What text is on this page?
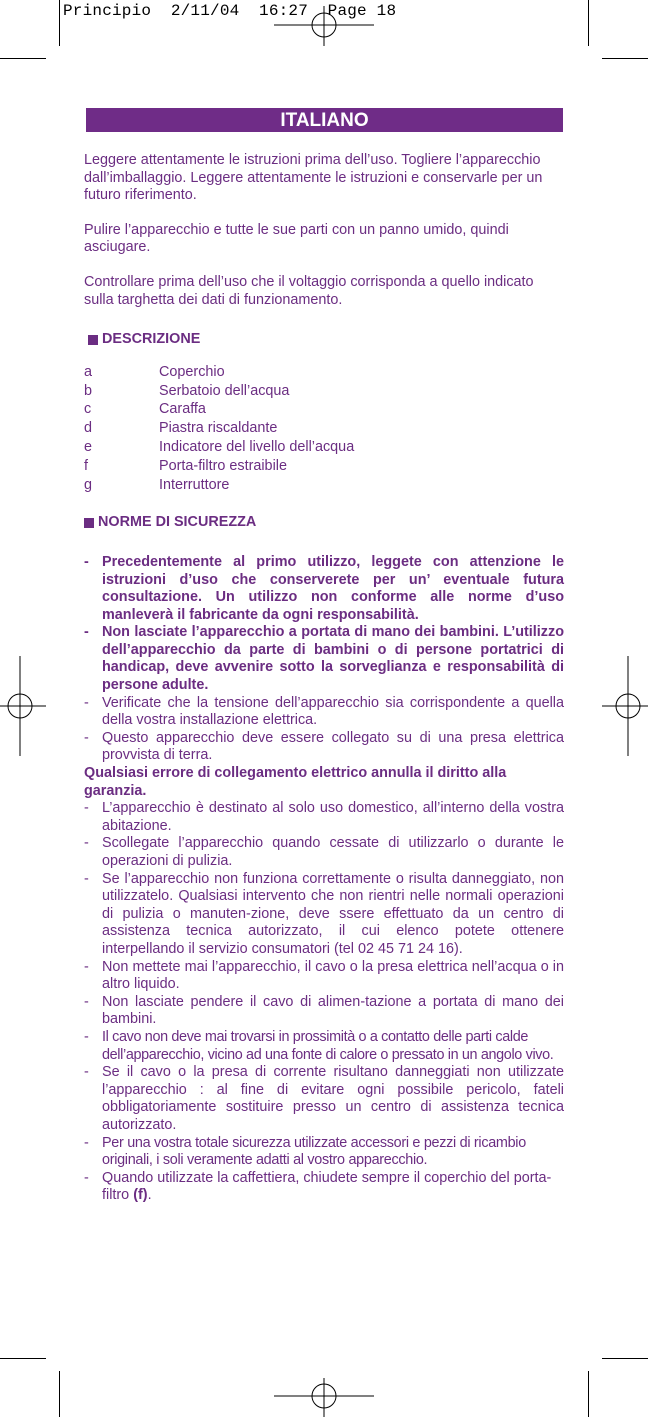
Principio  2/11/04  16:27  Page 18
ITALIANO

Leggere attentamente le istruzioni prima dell’uso. Togliere l’apparecchio dall’imballaggio. Leggere attentamente le istruzioni e conservarle per un futuro riferimento.

Pulire l’apparecchio e tutte le sue parti con un panno umido, quindi asciugare.

Controllare prima dell’uso che il voltaggio corrisponda a quello indicato sulla targhetta dei dati di funzionamento.

DESCRIZIONE
a	Coperchio
b	Serbatoio dell’acqua
c	Caraffa
d	Piastra riscaldante
e	Indicatore del livello dell’acqua
f	Porta-filtro estraibile
g	Interruttore
NORME DI SICUREZZA
- Precedentemente al primo utilizzo, leggete con attenzione le istruzioni d’uso che conserverete per un’ eventuale futura consultazione. Un utilizzo non conforme alle norme d’uso manleverà il fabricante da ogni responsabilità.
- Non lasciate l’apparecchio a portata di mano dei bambini. L’utilizzo dell’apparecchio da parte di bambini o di persone portatrici di handicap, deve avvenire sotto la sorveglianza e responsabilità di persone adulte.
- Verificate che la tensione dell’apparecchio sia corrispondente a quella della vostra installazione elettrica.
- Questo apparecchio deve essere collegato su di una presa elettrica provvista di terra.
Qualsiasi errore di collegamento elettrico annulla il diritto alla garanzia.
- L’apparecchio è destinato al solo uso domestico, all’interno della vostra abitazione.
- Scollegate l’apparecchio quando cessate di utilizzarlo o durante le operazioni di pulizia.
- Se l’apparecchio non funziona correttamente o risulta danneggiato, non utilizzatelo. Qualsiasi intervento che non rientri nelle normali operazioni di pulizia o manuten-zione, deve ssere effettuato da un centro di assistenza tecnica autorizzato, il cui elenco potete ottenere interpellando il servizio consumatori (tel 02 45 71 24 16).
- Non mettete mai l’apparecchio, il cavo o la presa elettrica nell’acqua o in altro liquido.
- Non lasciate pendere il cavo di alimen-tazione a portata di mano dei bambini.
- Il cavo non deve mai trovarsi in prossimità o a contatto delle parti calde dell’apparecchio, vicino ad una fonte di calore o pressato in un angolo vivo.
- Se il cavo o la presa di corrente risultano danneggiati non utilizzate l’apparecchio : al fine di evitare ogni possibile pericolo, fateli obbligatoriamente sostituire presso un centro di assistenza tecnica autorizzato.
- Per una vostra totale sicurezza utilizzate accessori e pezzi di ricambio originali, i soli veramente adatti al vostro apparecchio.
- Quando utilizzate la caffettiera, chiudete sempre il coperchio del porta-filtro (f).
